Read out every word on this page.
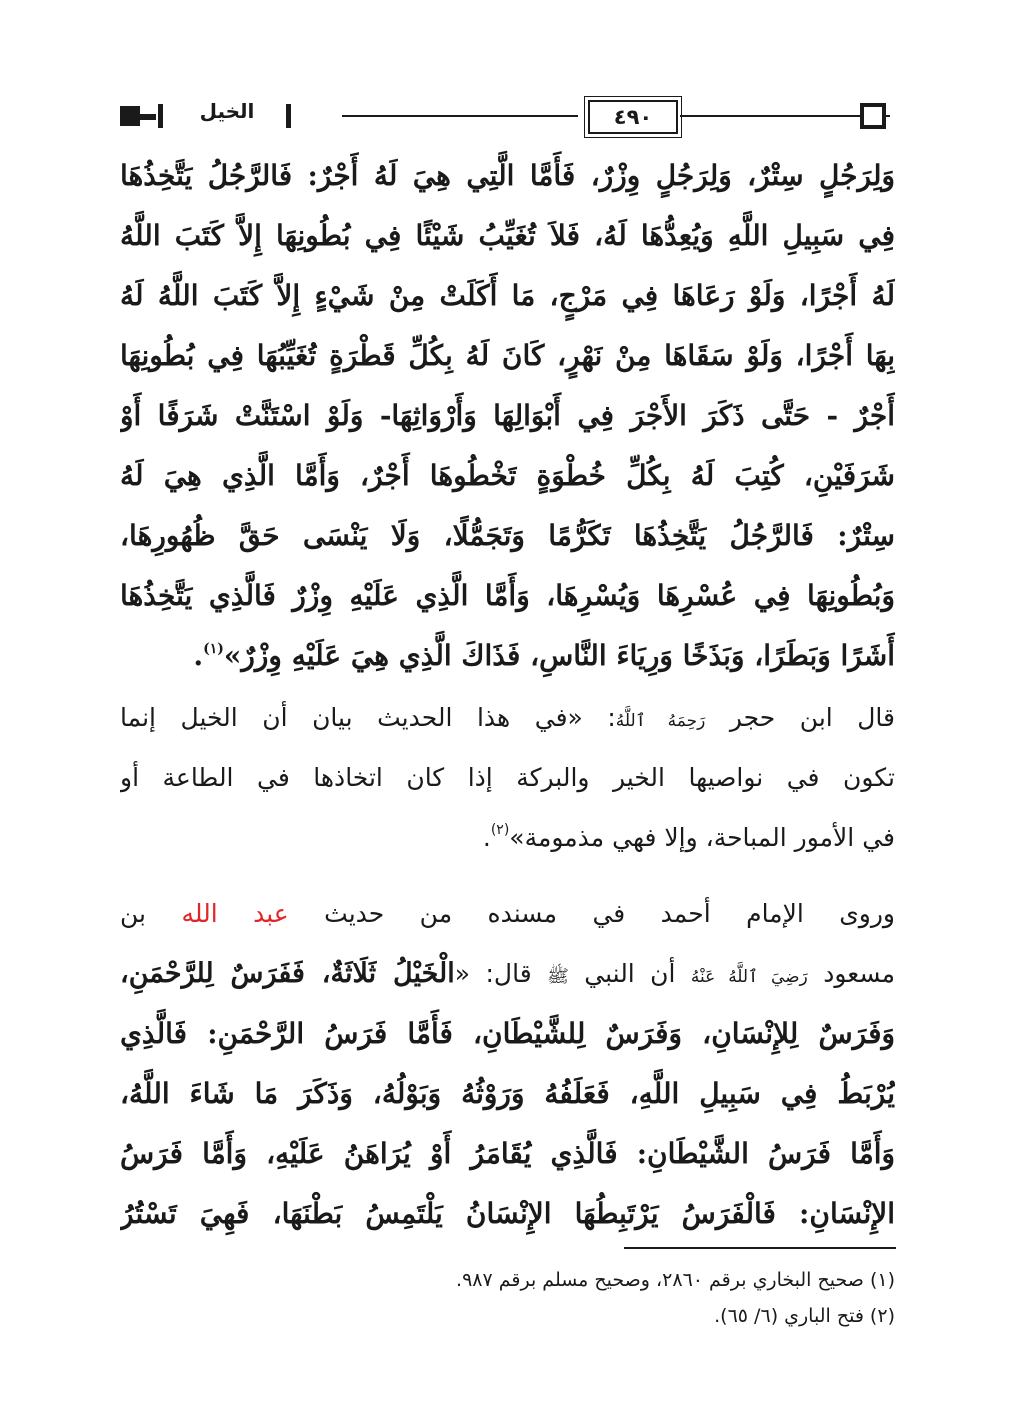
الخيل	٤٩٠
وَلِرَجُلٍ سِتْرٌ، وَلِرَجُلٍ وِزْرٌ، فَأَمَّا الَّتِي هِيَ لَهُ أَجْرٌ: فَالرَّجُلُ يَتَّخِذُهَا
فِي سَبِيلِ اللَّهِ وَيُعِدُّهَا لَهُ، فَلاَ تُغَيِّبُ شَيْئًا فِي بُطُونِهَا إِلاَّ كَتَبَ اللَّهُ
لَهُ أَجْرًا، وَلَوْ رَعَاهَا فِي مَرْجٍ، مَا أَكَلَتْ مِنْ شَيْءٍ إِلاَّ كَتَبَ اللَّهُ لَهُ
بِهَا أَجْرًا، وَلَوْ سَقَاهَا مِنْ نَهْرٍ، كَانَ لَهُ بِكُلِّ قَطْرَةٍ تُغَيِّبُهَا فِي بُطُونِهَا
أَجْرٌ - حَتَّى ذَكَرَ الأَجْرَ فِي أَبْوَالِهَا وَأَرْوَاثِهَا- وَلَوْ اسْتَنَّتْ شَرَفًا أَوْ
شَرَفَيْنِ، كُتِبَ لَهُ بِكُلِّ خُطْوَةٍ تَخْطُوهَا أَجْرٌ، وَأَمَّا الَّذِي هِيَ لَهُ
سِتْرٌ: فَالرَّجُلُ يَتَّخِذُهَا تَكَرُّمًا وَتَجَمُّلًا، وَلَا يَنْسَى حَقَّ ظُهُورِهَا،
وَبُطُونِهَا فِي عُسْرِهَا وَيُسْرِهَا، وَأَمَّا الَّذِي عَلَيْهِ وِزْرٌ فَالَّذِي يَتَّخِذُهَا
أَشَرًا وَبَطَرًا، وَبَذَخًا وَرِيَاءَ النَّاسِ، فَذَاكَ الَّذِي هِيَ عَلَيْهِ وِزْرٌ»$^{(١)}$.
قال ابن حجر رَحِمَهُ ٱللَّهُ: «في هذا الحديث بيان أن الخيل إنما
تكون في نواصيها الخير والبركة إذا كان اتخاذها في الطاعة أو
في الأمور المباحة، وإلا فهي مذمومة»$^{(٢)}$.
وروى الإمام أحمد في مسنده من حديث عبد الله بن
مسعود رَضِيَ ٱللَّهُ عَنْهُ أن النبي ﷺ قال: «الْخَيْلُ ثَلَاثَةٌ، فَفَرَسٌ لِلرَّحْمَنِ،
وَفَرَسٌ لِلإِنْسَانِ، وَفَرَسٌ لِلشَّيْطَانِ، فَأَمَّا فَرَسُ الرَّحْمَنِ: فَالَّذِي
يُرْبَطُ فِي سَبِيلِ اللَّهِ، فَعَلَفُهُ وَرَوْثُهُ وَبَوْلُهُ، وَذَكَرَ مَا شَاءَ اللَّهُ،
وَأَمَّا فَرَسُ الشَّيْطَانِ: فَالَّذِي يُقَامَرُ أَوْ يُرَاهَنُ عَلَيْهِ، وَأَمَّا فَرَسُ
الإِنْسَانِ: فَالْفَرَسُ يَرْتَبِطُهَا الإِنْسَانُ يَلْتَمِسُ بَطْنَهَا، فَهِيَ تَسْتُرُ
(١) صحيح البخاري برقم ٢٨٦٠، وصحيح مسلم برقم ٩٨٧.
(٢) فتح الباري (٦/ ٦٥).
